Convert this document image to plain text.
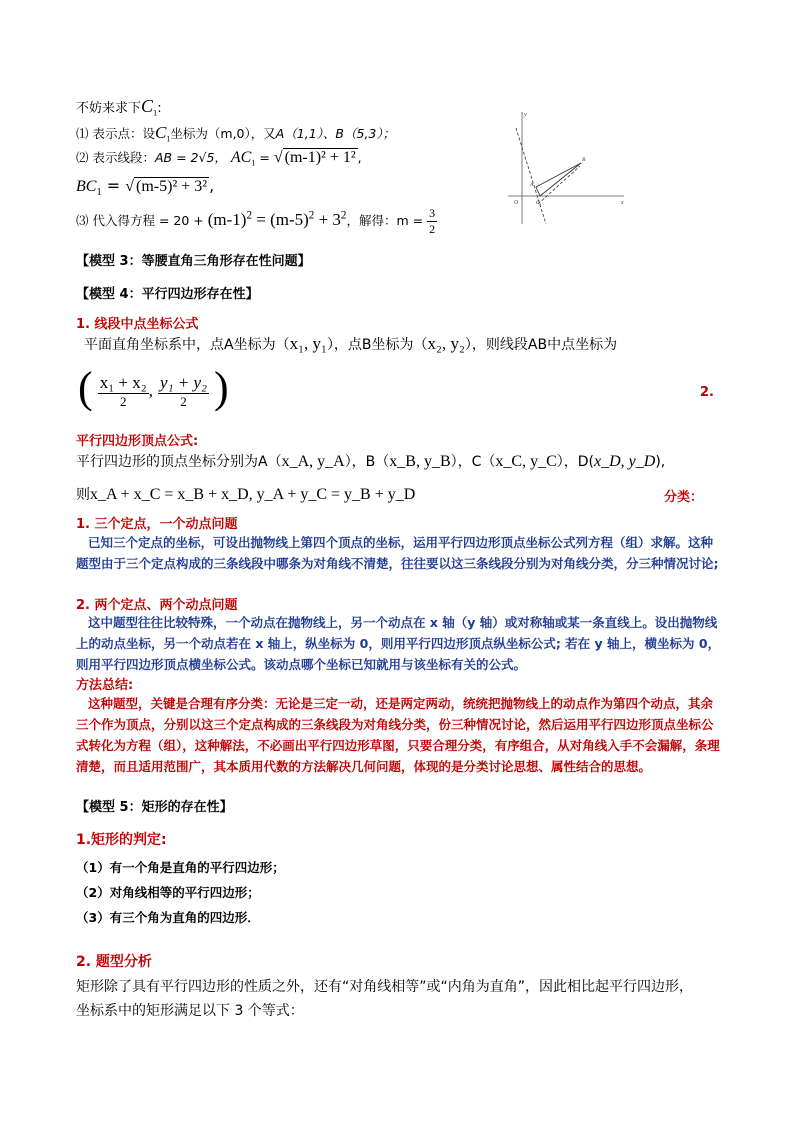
不妨来求下$C_1$:
⑴ 表示点：设$C_1$坐标为（m,0），又A（1,1）、B（5,3）；
⑵ 表示线段：AB = 2√5， $AC_1$ = √ (m-1)² + 1² ,
$BC_1$ = √ (m-5)² + 3² ,
⑶ 代入得方程 = $20 + (m-1)^2 = (m-5)^2 + 3^2$，解得：$m = \frac{3}{2}$
x
y
O
A
B
C₁
【模型 3：等腰直角三角形存在性问题】
【模型 4：平行四边形存在性】
1. 线段中点坐标公式
平面直角坐标系中，点A坐标为（x₁, y₁），点B坐标为（x₂, y₂），则线段AB中点坐标为
( $\frac{\text{x₁ + x₂}}{2}$ , $\frac{\text{y₁ + y₂}}{2}$ )	2.
平行四边形顶点公式:
平行四边形的顶点坐标分别为A（x_A, y_A），B（x_B, y_B），C（x_C, y_C），D(x_D, y_D),
则x_A + x_C = x_B + x_D, y_A + y_C = y_B + y_D	分类：
1. 三个定点，一个动点问题
已知三个定点的坐标，可设出抛物线上第四个顶点的坐标，运用平行四边形顶点坐标公式列方程（组）求解。这种题型由于三个定点构成的三条线段中哪条为对角线不清楚，往往要以这三条线段分别为对角线分类，分三种情况讨论;
2. 两个定点、两个动点问题
这中题型往往比较特殊，一个动点在抛物线上，另一个动点在 x 轴（y 轴）或对称轴或某一条直线上。设出抛物线上的动点坐标，另一个动点若在 x 轴上，纵坐标为 0，则用平行四边形顶点纵坐标公式; 若在 y 轴上，横坐标为 0，则用平行四边形顶点横坐标公式。该动点哪个坐标已知就用与该坐标有关的公式。
方法总结:
这种题型，关键是合理有序分类：无论是三定一动，还是两定两动，统统把抛物线上的动点作为第四个动点，其余三个作为顶点，分别以这三个定点构成的三条线段为对角线分类，份三种情况讨论，然后运用平行四边形顶点坐标公式转化为方程（组），这种解法，不必画出平行四边形草图，只要合理分类，有序组合，从对角线入手不会漏解，条理清楚，而且适用范围广，其本质用代数的方法解决几何问题，体现的是分类讨论思想、属性结合的思想。
【模型 5：矩形的存在性】
1.矩形的判定:
（1）有一个角是直角的平行四边形；
（2）对角线相等的平行四边形；
（3）有三个角为直角的四边形．
2. 题型分析
矩形除了具有平行四边形的性质之外，还有“对角线相等”或“内角为直角”，因此相比起平行四边形，
坐标系中的矩形满足以下 3 个等式：
